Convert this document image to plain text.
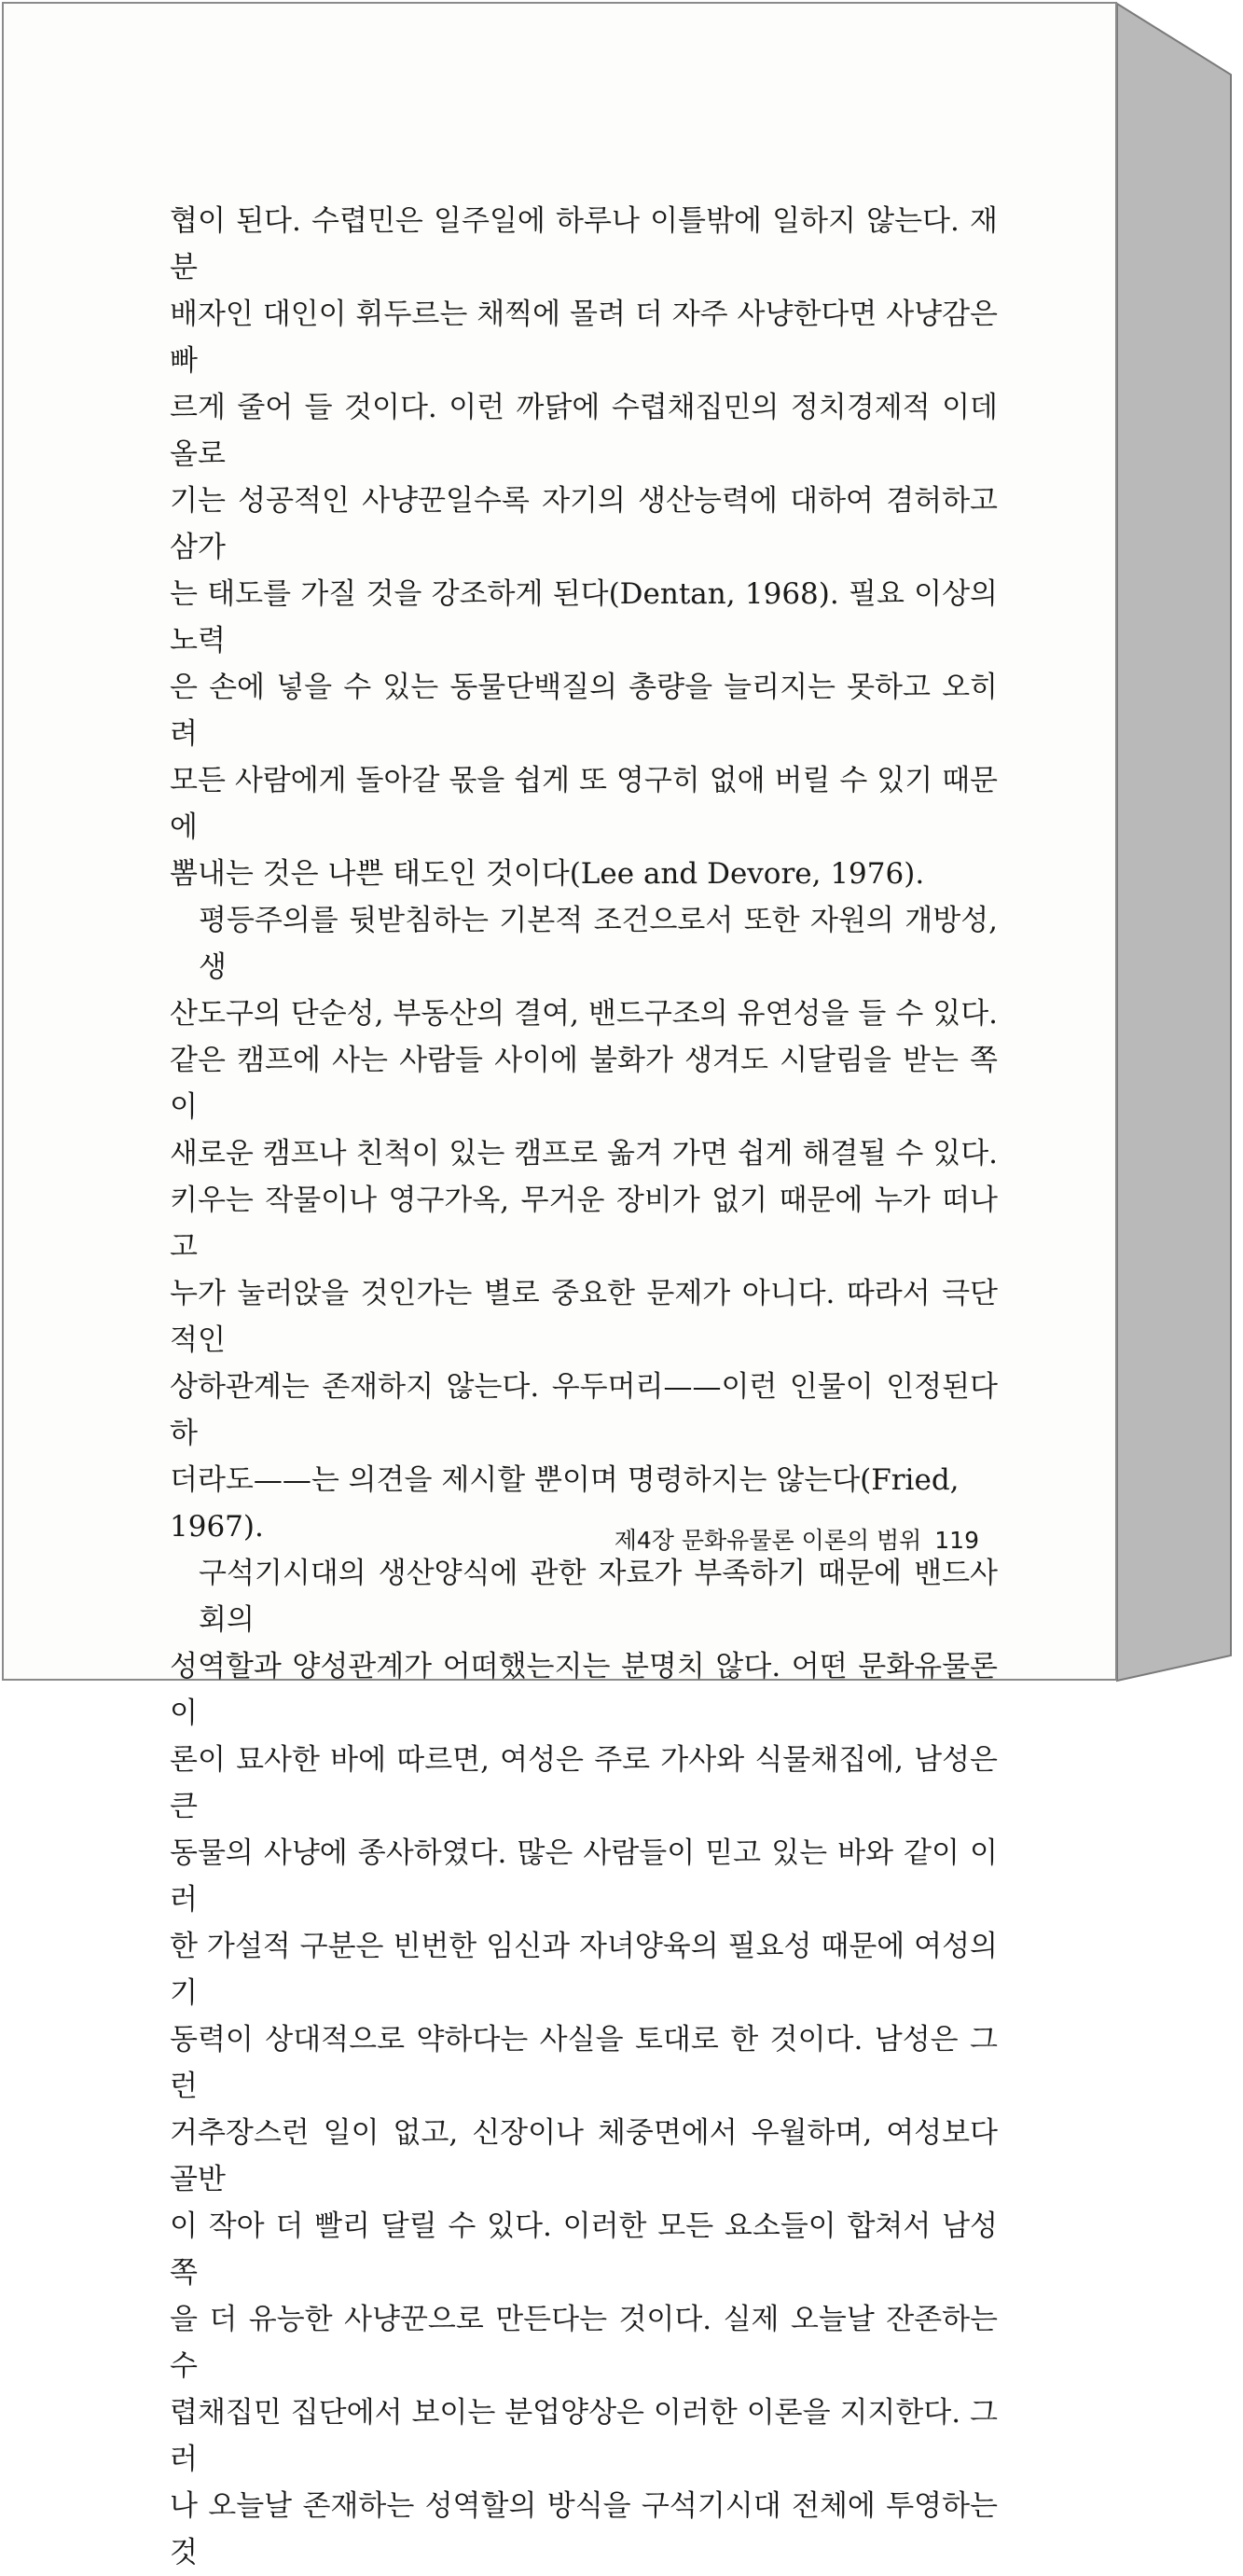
협이 된다. 수렵민은 일주일에 하루나 이틀밖에 일하지 않는다. 재분
배자인 대인이 휘두르는 채찍에 몰려 더 자주 사냥한다면 사냥감은 빠
르게 줄어 들 것이다. 이런 까닭에 수렵채집민의 정치경제적 이데올로
기는 성공적인 사냥꾼일수록 자기의 생산능력에 대하여 겸허하고 삼가
는 태도를 가질 것을 강조하게 된다(Dentan, 1968). 필요 이상의 노력
은 손에 넣을 수 있는 동물단백질의 총량을 늘리지는 못하고 오히려
모든 사람에게 돌아갈 몫을 쉽게 또 영구히 없애 버릴 수 있기 때문에
뽐내는 것은 나쁜 태도인 것이다(Lee and Devore, 1976).

평등주의를 뒷받침하는 기본적 조건으로서 또한 자원의 개방성, 생
산도구의 단순성, 부동산의 결여, 밴드구조의 유연성을 들 수 있다.
같은 캠프에 사는 사람들 사이에 불화가 생겨도 시달림을 받는 쪽이
새로운 캠프나 친척이 있는 캠프로 옮겨 가면 쉽게 해결될 수 있다.
키우는 작물이나 영구가옥, 무거운 장비가 없기 때문에 누가 떠나고
누가 눌러앉을 것인가는 별로 중요한 문제가 아니다. 따라서 극단적인
상하관계는 존재하지 않는다. 우두머리——이런 인물이 인정된다 하
더라도——는 의견을 제시할 뿐이며 명령하지는 않는다(Fried, 1967).

구석기시대의 생산양식에 관한 자료가 부족하기 때문에 밴드사회의
성역할과 양성관계가 어떠했는지는 분명치 않다. 어떤 문화유물론 이
론이 묘사한 바에 따르면, 여성은 주로 가사와 식물채집에, 남성은 큰
동물의 사냥에 종사하였다. 많은 사람들이 믿고 있는 바와 같이 이러
한 가설적 구분은 빈번한 임신과 자녀양육의 필요성 때문에 여성의 기
동력이 상대적으로 약하다는 사실을 토대로 한 것이다. 남성은 그런
거추장스런 일이 없고, 신장이나 체중면에서 우월하며, 여성보다 골반
이 작아 더 빨리 달릴 수 있다. 이러한 모든 요소들이 합쳐서 남성 쪽
을 더 유능한 사냥꾼으로 만든다는 것이다. 실제 오늘날 잔존하는 수
렵채집민 집단에서 보이는 분업양상은 이러한 이론을 지지한다. 그러
나 오늘날 존재하는 성역할의 방식을 구석기시대 전체에 투영하는 것

제4장 문화유물론 이론의 범위 119
